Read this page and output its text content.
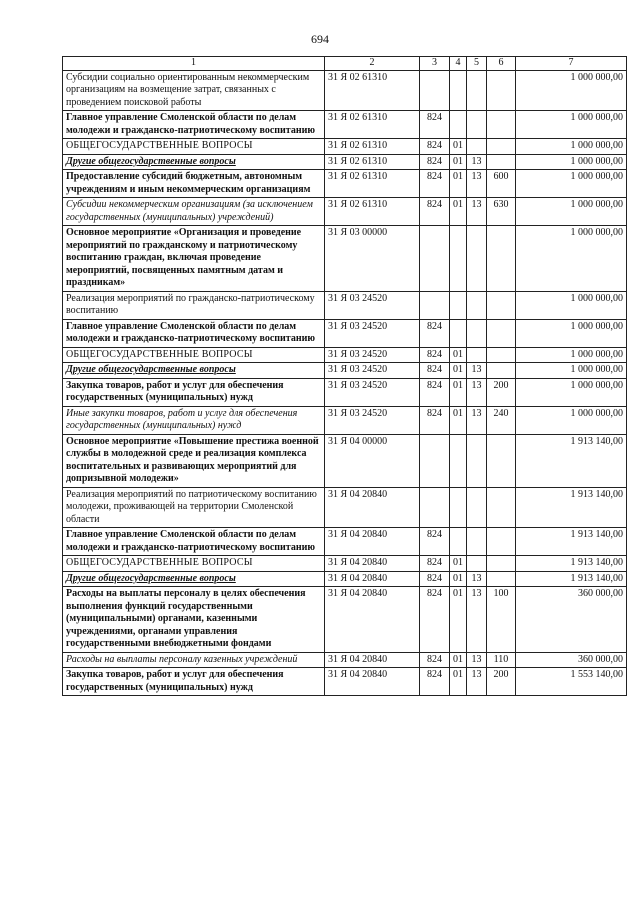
694
1	2	3	4	5	6	7
Субсидии социально ориентированным некоммерческим организациям на возмещение затрат, связанных с проведением поисковой работы	31 Я 02 61310					1 000 000,00
Главное управление Смоленской области по делам молодежи и гражданско-патриотическому воспитанию	31 Я 02 61310	824				1 000 000,00
ОБЩЕГОСУДАРСТВЕННЫЕ ВОПРОСЫ	31 Я 02 61310	824	01			1 000 000,00
Другие общегосударственные вопросы	31 Я 02 61310	824	01	13		1 000 000,00
Предоставление субсидий бюджетным, автономным учреждениям и иным некоммерческим организациям	31 Я 02 61310	824	01	13	600	1 000 000,00
Субсидии некоммерческим организациям (за исключением государственных (муниципальных) учреждений)	31 Я 02 61310	824	01	13	630	1 000 000,00
Основное мероприятие «Организация и проведение мероприятий по гражданскому и патриотическому воспитанию граждан, включая проведение мероприятий, посвященных памятным датам и праздникам»	31 Я 03 00000					1 000 000,00
Реализация мероприятий по гражданско-патриотическому воспитанию	31 Я 03 24520					1 000 000,00
Главное управление Смоленской области по делам молодежи и гражданско-патриотическому воспитанию	31 Я 03 24520	824				1 000 000,00
ОБЩЕГОСУДАРСТВЕННЫЕ ВОПРОСЫ	31 Я 03 24520	824	01			1 000 000,00
Другие общегосударственные вопросы	31 Я 03 24520	824	01	13		1 000 000,00
Закупка товаров, работ и услуг для обеспечения государственных (муниципальных) нужд	31 Я 03 24520	824	01	13	200	1 000 000,00
Иные закупки товаров, работ и услуг для обеспечения государственных (муниципальных) нужд	31 Я 03 24520	824	01	13	240	1 000 000,00
Основное мероприятие «Повышение престижа военной службы в молодежной среде и реализация комплекса воспитательных и развивающих мероприятий для допризывной молодежи»	31 Я 04 00000					1 913 140,00
Реализация мероприятий по патриотическому воспитанию молодежи, проживающей на территории Смоленской области	31 Я 04 20840					1 913 140,00
Главное управление Смоленской области по делам молодежи и гражданско-патриотическому воспитанию	31 Я 04 20840	824				1 913 140,00
ОБЩЕГОСУДАРСТВЕННЫЕ ВОПРОСЫ	31 Я 04 20840	824	01			1 913 140,00
Другие общегосударственные вопросы	31 Я 04 20840	824	01	13		1 913 140,00
Расходы на выплаты персоналу в целях обеспечения выполнения функций государственными (муниципальными) органами, казенными учреждениями, органами управления государственными внебюджетными фондами	31 Я 04 20840	824	01	13	100	360 000,00
Расходы на выплаты персоналу казенных учреждений	31 Я 04 20840	824	01	13	110	360 000,00
Закупка товаров, работ и услуг для обеспечения государственных (муниципальных) нужд	31 Я 04 20840	824	01	13	200	1 553 140,00
